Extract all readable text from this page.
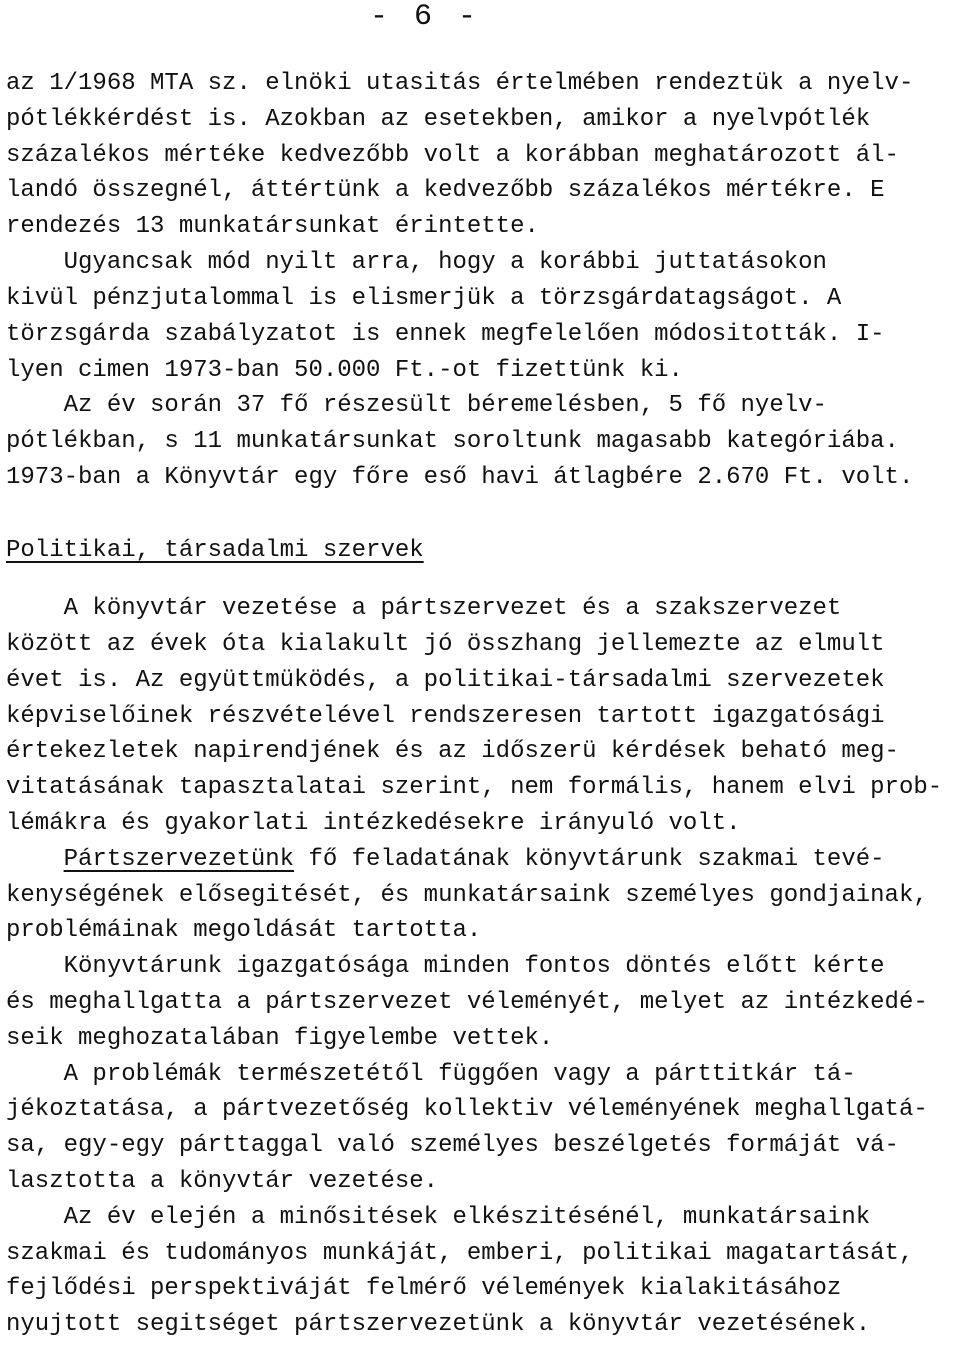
- 6 -
az 1/1968 MTA sz. elnöki utasitás értelmében rendeztük a nyelv-
pótlékkérdést is. Azokban az esetekben, amikor a nyelvpótlék
százalékos mértéke kedvezőbb volt a korábban meghatározott ál-
landó összegnél, áttértünk a kedvezőbb százalékos mértékre. E
rendezés 13 munkatársunkat érintette.
Ugyancsak mód nyilt arra, hogy a korábbi juttatásokon
kivül pénzjutalommal is elismerjük a törzsgárdatagságot. A
törzsgárda szabályzatot is ennek megfelelően módositották. I-
lyen cimen 1973-ban 50.000 Ft.-ot fizettünk ki.
Az év során 37 fő részesült béremelésben, 5 fő nyelv-
pótlékban, s 11 munkatársunkat soroltunk magasabb kategóriába.
1973-ban a Könyvtár egy főre eső havi átlagbére 2.670 Ft. volt.
Politikai, társadalmi szervek
A könyvtár vezetése a pártszervezet és a szakszervezet
között az évek óta kialakult jó összhang jellemezte az elmult
évet is. Az együttmüködés, a politikai-társadalmi szervezetek
képviselőinek részvételével rendszeresen tartott igazgatósági
értekezletek napirendjének és az időszerü kérdések beható meg-
vitatásának tapasztalatai szerint, nem formális, hanem elvi prob-
lémákra és gyakorlati intézkedésekre irányuló volt.
Pártszervezetünk fő feladatának könyvtárunk szakmai tevé-
kenységének elősegitését, és munkatársaink személyes gondjainak,
problémáinak megoldását tartotta.
Könyvtárunk igazgatósága minden fontos döntés előtt kérte
és meghallgatta a pártszervezet véleményét, melyet az intézkedé-
seik meghozatalában figyelembe vettek.
A problémák természetétől függően vagy a párttitkár tá-
jékoztatása, a pártvezetőség kollektiv véleményének meghallgatá-
sa, egy-egy párttaggal való személyes beszélgetés formáját vá-
lasztotta a könyvtár vezetése.
Az év elején a minősitések elkészitésénél, munkatársaink
szakmai és tudományos munkáját, emberi, politikai magatartását,
fejlődési perspektiváját felmérő vélemények kialakitásához
nyujtott segitséget pártszervezetünk a könyvtár vezetésének.
